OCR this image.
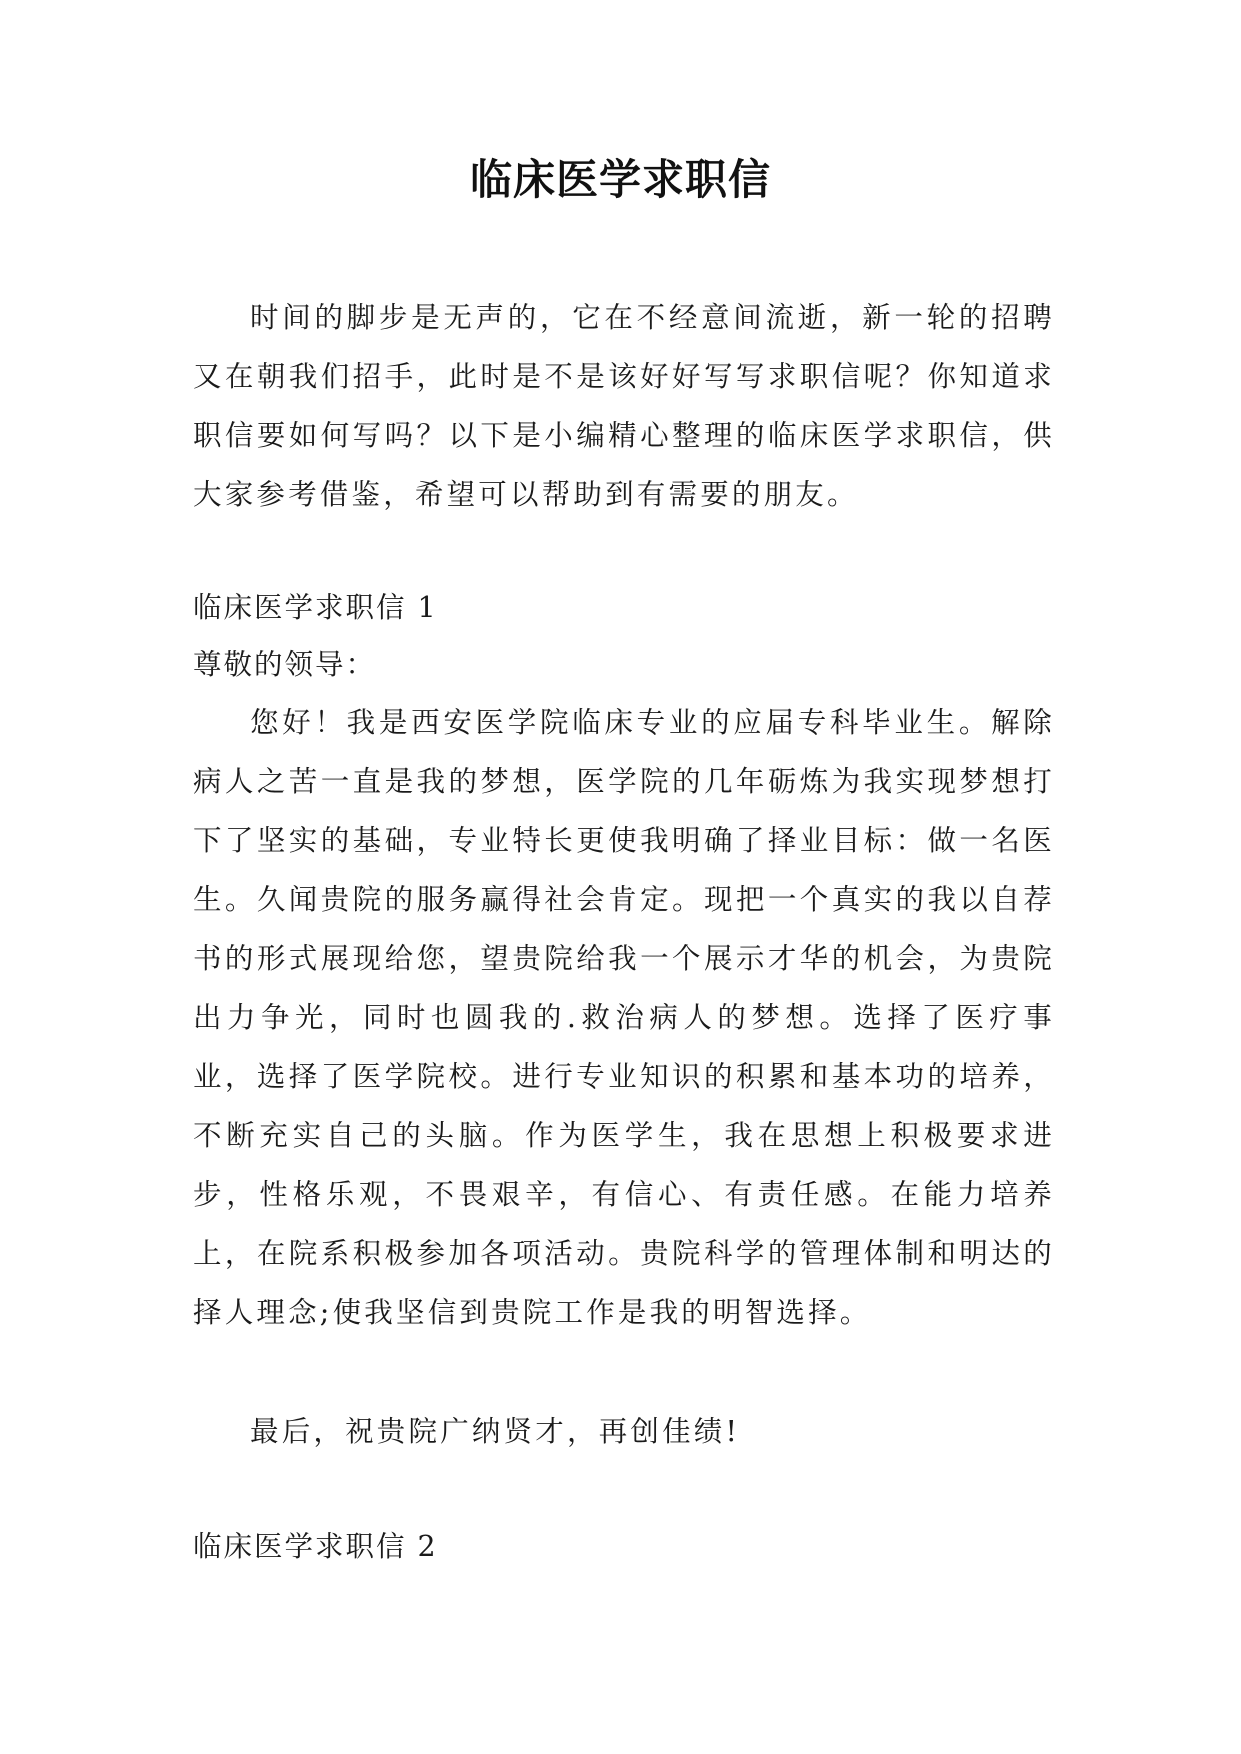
临床医学求职信

时间的脚步是无声的，它在不经意间流逝，新一轮的招聘又在朝我们招手，此时是不是该好好写写求职信呢？你知道求职信要如何写吗？以下是小编精心整理的临床医学求职信，供大家参考借鉴，希望可以帮助到有需要的朋友。

临床医学求职信 1

尊敬的领导：

您好！我是西安医学院临床专业的应届专科毕业生。解除病人之苦一直是我的梦想，医学院的几年砺炼为我实现梦想打下了坚实的基础，专业特长更使我明确了择业目标：做一名医生。久闻贵院的服务赢得社会肯定。现把一个真实的我以自荐书的形式展现给您，望贵院给我一个展示才华的机会，为贵院出力争光，同时也圆我的.救治病人的梦想。选择了医疗事业，选择了医学院校。进行专业知识的积累和基本功的培养，不断充实自己的头脑。作为医学生，我在思想上积极要求进步，性格乐观，不畏艰辛，有信心、有责任感。在能力培养上，在院系积极参加各项活动。贵院科学的管理体制和明达的择人理念;使我坚信到贵院工作是我的明智选择。

最后，祝贵院广纳贤才，再创佳绩!

临床医学求职信 2
